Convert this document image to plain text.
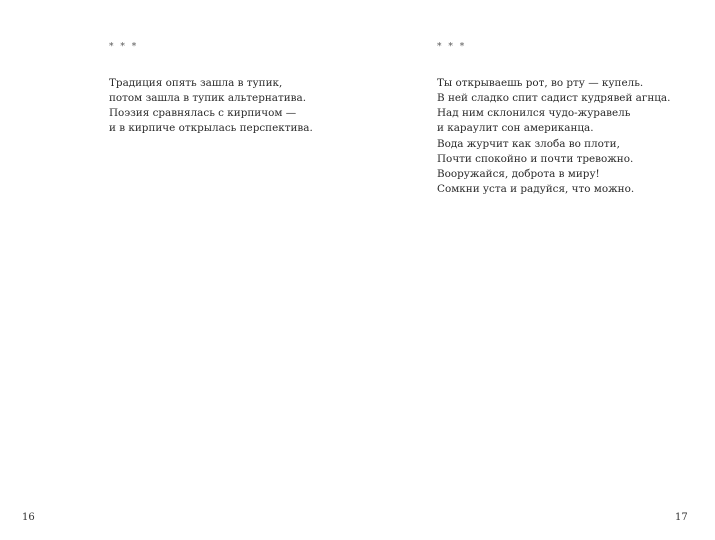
* * *
Традиция опять зашла в тупик,
потом зашла в тупик альтернатива.
Поэзия сравнялась с кирпичом —
и в кирпиче открылась перспектива.
16
* * *
Ты открываешь рот, во рту — купель.
В ней сладко спит садист кудрявей агнца.
Над ним склонился чудо-журавель
и караулит сон американца.
Вода журчит как злоба во плоти,
Почти спокойно и почти тревожно.
Вооружайся, доброта в миру!
Сомкни уста и радуйся, что можно.
17
